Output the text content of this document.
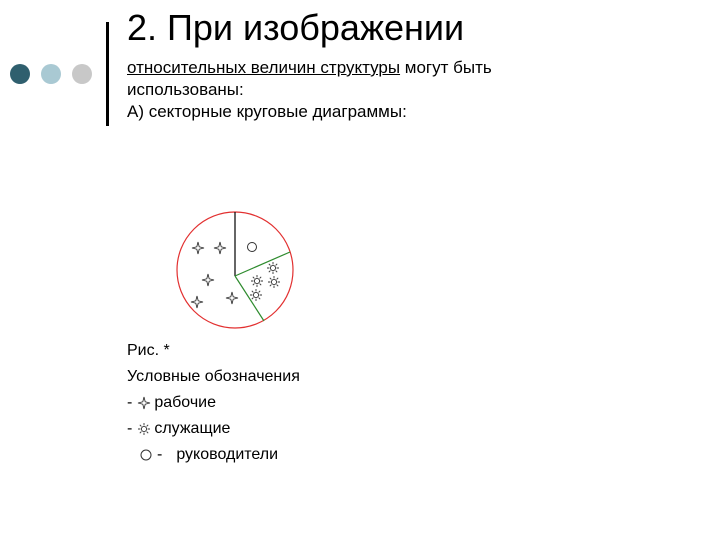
2. При изображении
относительных величин структуры могут быть
использованы:
А) секторные круговые диаграммы:
Рис. *
Условные обозначения
- рабочие
- служащие
- руководители
